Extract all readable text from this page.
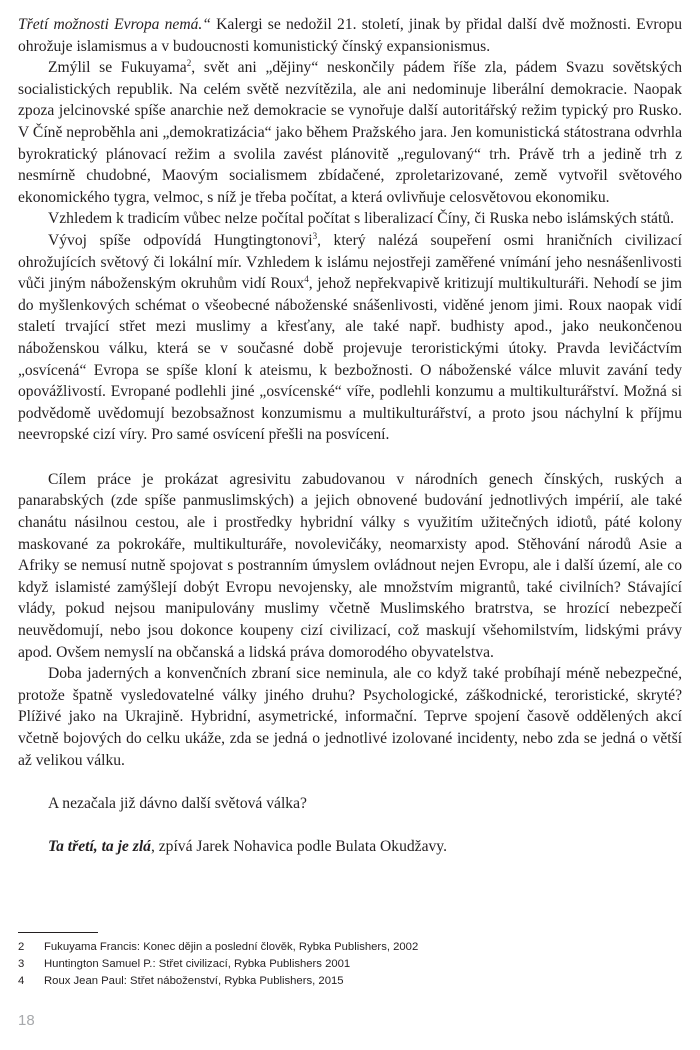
Třetí možnosti Evropa nemá.“ Kalergi se nedožil 21. století, jinak by přidal další dvě možnosti. Evropu ohrožuje islamismus a v budoucnosti komunistický čínský expansionismus.

Zmýlil se Fukuyama$^2$, svět ani „dějiny“ neskončily pádem říše zla, pádem Svazu sovětských socialistických republik. Na celém světě nezvítězila, ale ani nedominuje liberální demokracie. Naopak zpoza jelcinovské spíše anarchie než demokracie se vynořuje další autoritářský režim typický pro Rusko. V Číně neproběhla ani „demokratizácia“ jako během Pražského jara. Jen komunistická státostrana odvrhla byrokratický plánovací režim a svolila zavést plánovitě „regulovaný“ trh. Právě trh a jedině trh z nesmírně chudobné, Maovým socialismem zbídačené, zproletarizované, země vytvořil světového ekonomického tygra, velmoc, s níž je třeba počítat, a která ovlivňuje celosvětovou ekonomiku.

Vzhledem k tradicím vůbec nelze počítal počítat s liberalizací Číny, či Ruska nebo islámských států.

Vývoj spíše odpovídá Hungtingtonovi$^3$, který nalézá soupeření osmi hraničních civilizací ohrožujících světový či lokální mír. Vzhledem k islámu nejostřeji zaměřené vnímání jeho nesnášenlivosti vůči jiným náboženským okruhům vidí Roux$^4$, jehož nepřekvapivě kritizují multikulturáři. Nehodí se jim do myšlenkových schémat o všeobecné náboženské snášenlivosti, viděné jenom jimi. Roux naopak vidí staletí trvající střet mezi muslimy a křesťany, ale také např. budhisty apod., jako neukončenou náboženskou válku, která se v současné době projevuje teroristickými útoky. Pravda levičáctvím „osvícená“ Evropa se spíše kloní k ateismu, k bezbožnosti. O náboženské válce mluvit zavání tedy opovážlivostí. Evropané podlehli jiné „osvícenské“ víře, podlehli konzumu a multikulturářství. Možná si podvědomě uvědomují bezobsažnost konzumismu a multikulturářství, a proto jsou náchylní k příjmu neevropské cizí víry. Pro samé osvícení přešli na posvícení.

Cílem práce je prokázat agresivitu zabudovanou v národních genech čínských, ruských a panarabských (zde spíše panmuslimských) a jejich obnovené budování jednotlivých impérií, ale také chanátu násilnou cestou, ale i prostředky hybridní války s využitím užitečných idiotů, páté kolony maskované za pokrokáře, multikulturáře, novolevičáky, neomarxisty apod. Stěhování národů Asie a Afriky se nemusí nutně spojovat s postranním úmyslem ovládnout nejen Evropu, ale i další území, ale co když islamisté zamýšlejí dobýt Evropu nevojensky, ale množstvím migrantů, také civilních? Stávající vlády, pokud nejsou manipulovány muslimy včetně Muslimského bratrstva, se hrozící nebezpečí neuvědomují, nebo jsou dokonce koupeny cizí civilizací, což maskují všehomilstvím, lidskými právy apod. Ovšem nemyslí na občanská a lidská práva domorodého obyvatelstva.

Doba jaderných a konvenčních zbraní sice neminula, ale co když také probíhají méně nebezpečné, protože špatně vysledovatelné války jiného druhu? Psychologické, záškodnické, teroristické, skryté? Plíživé jako na Ukrajině. Hybridní, asymetrické, informační. Teprve spojení časově oddělených akcí včetně bojových do celku ukáže, zda se jedná o jednotlivé izolované incidenty, nebo zda se jedná o větší až velikou válku.

A nezačala již dávno další světová válka?

Ta třetí, ta je zlá, zpívá Jarek Nohavica podle Bulata Okudžavy.

2	Fukuyama Francis: Konec dějin a poslední člověk, Rybka Publishers, 2002
3	Huntington Samuel P.: Střet civilizací, Rybka Publishers 2001
4	Roux Jean Paul: Střet náboženství, Rybka Publishers, 2015
18
